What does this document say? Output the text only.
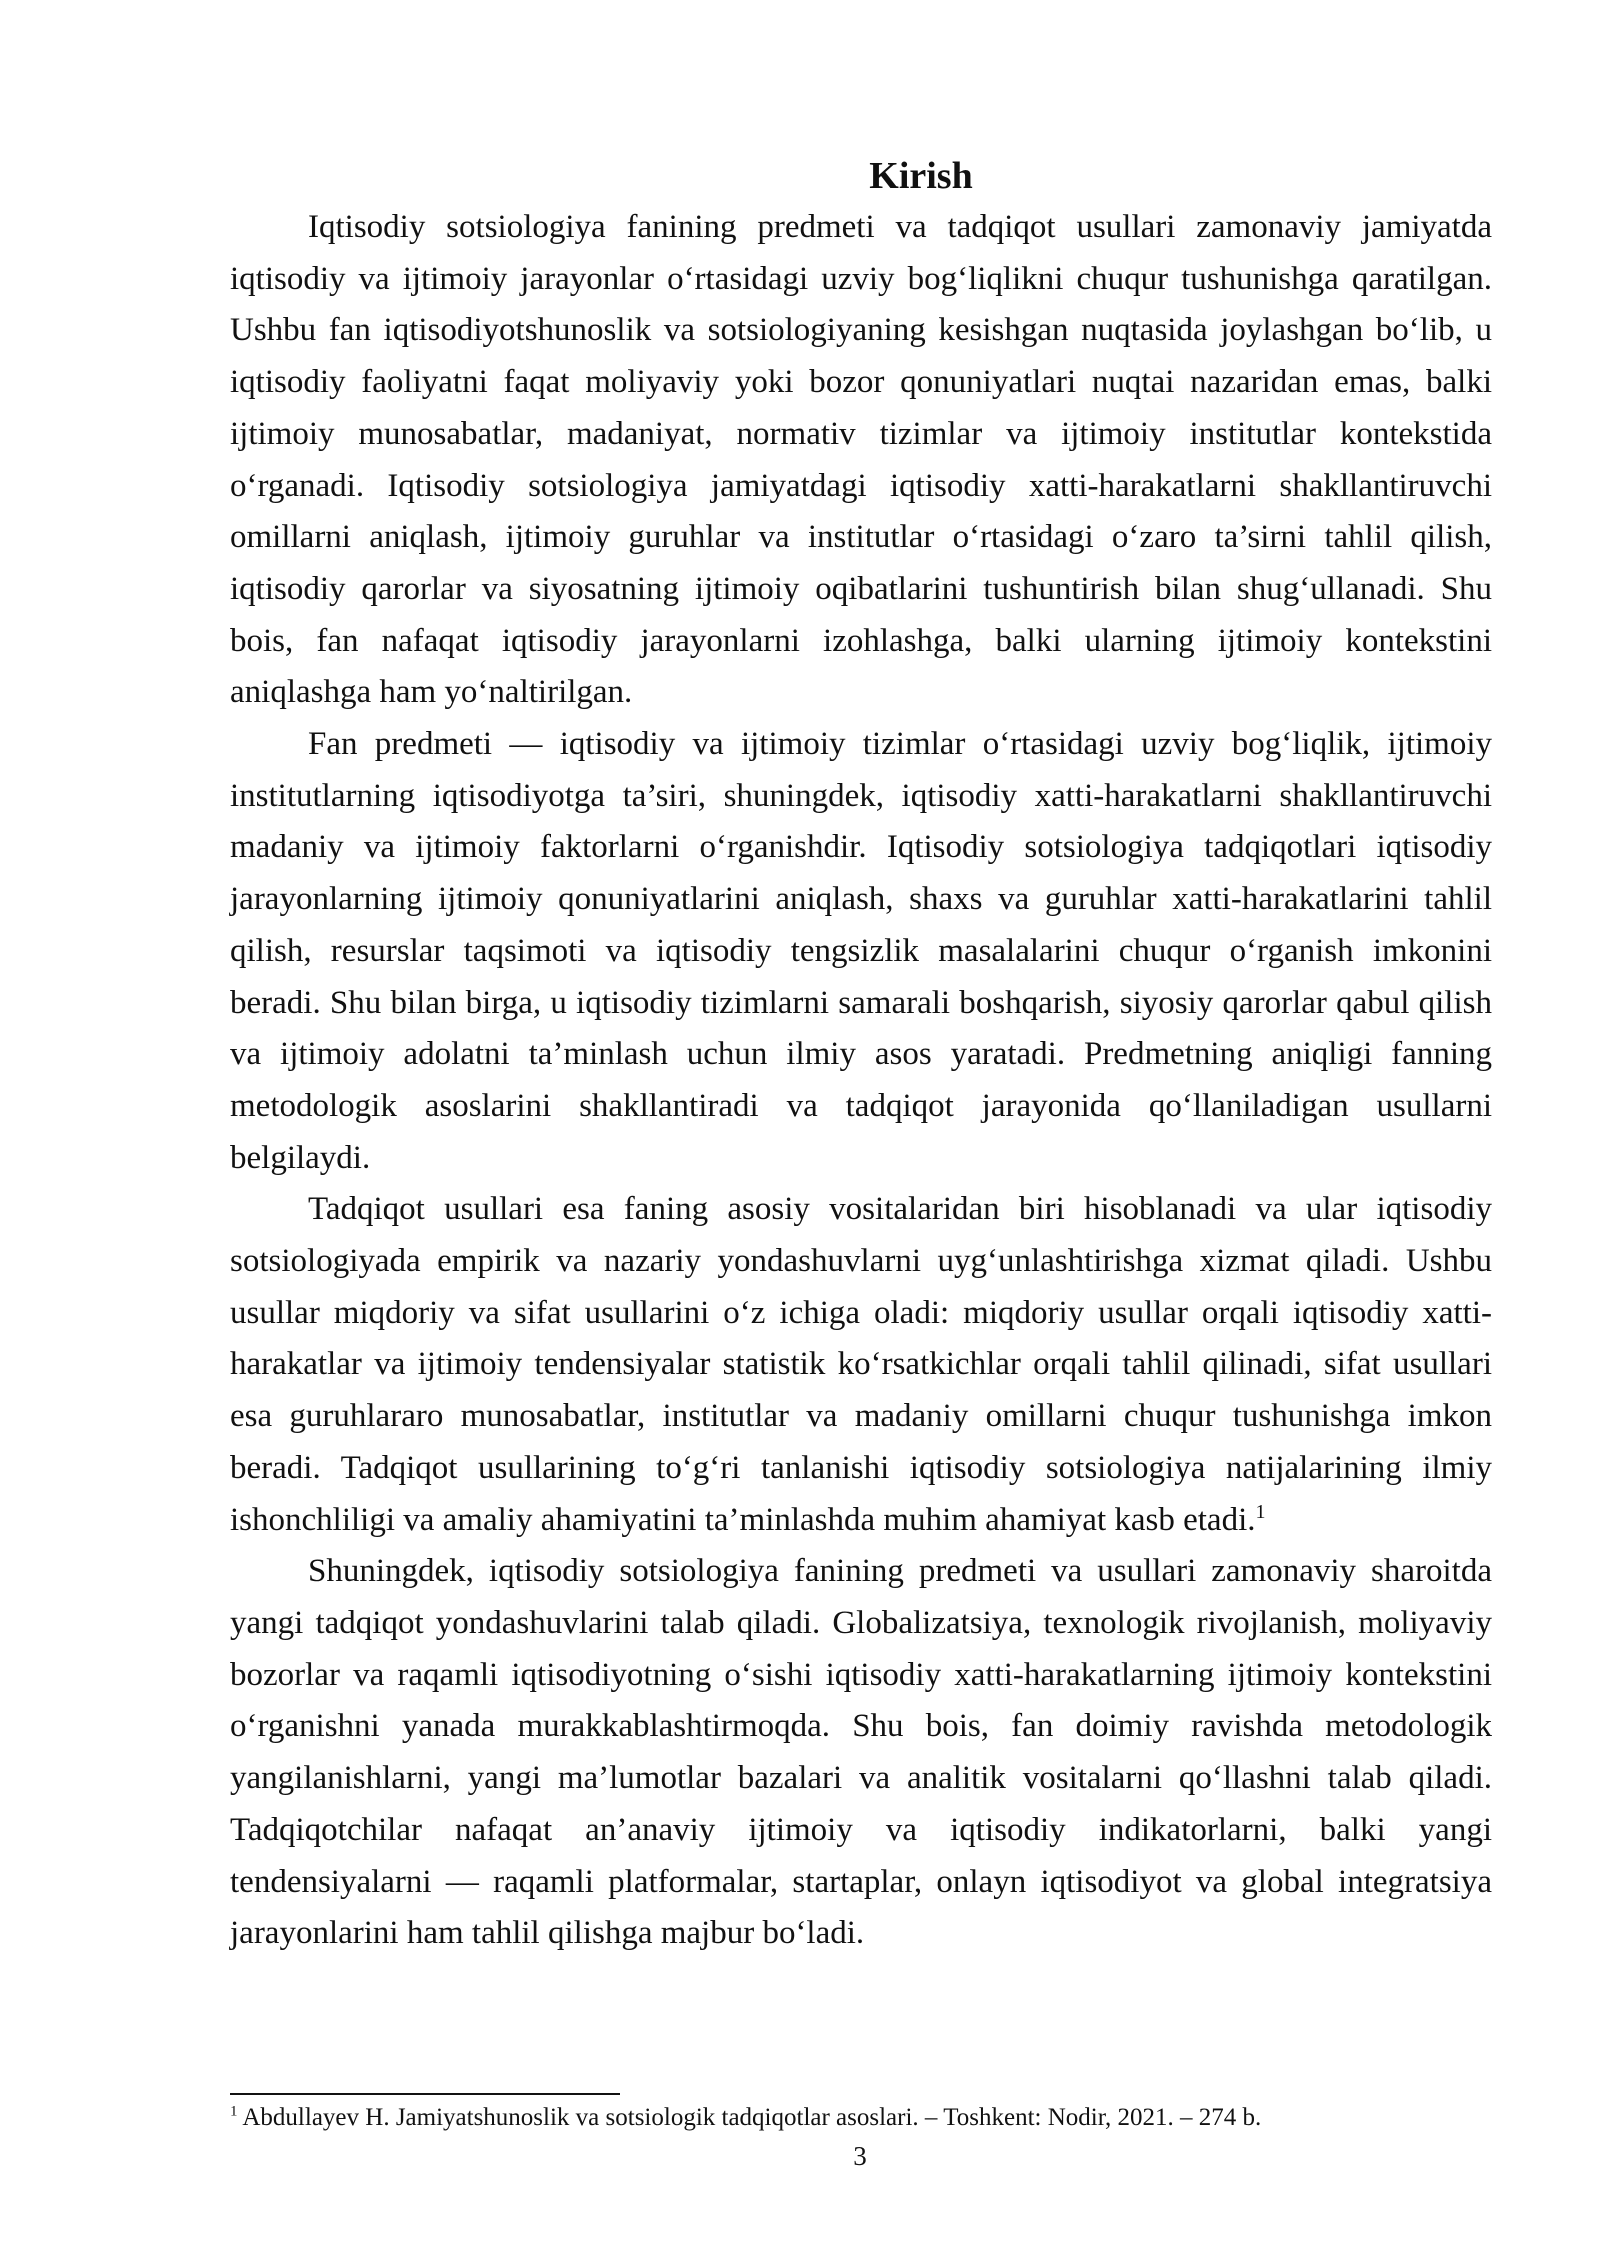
Kirish

Iqtisodiy sotsiologiya fanining predmeti va tadqiqot usullari zamonaviy jamiyatda iqtisodiy va ijtimoiy jarayonlar o‘rtasidagi uzviy bog‘liqlikni chuqur tushunishga qaratilgan. Ushbu fan iqtisodiyotshunoslik va sotsiologiyaning kesishgan nuqtasida joylashgan bo‘lib, u iqtisodiy faoliyatni faqat moliyaviy yoki bozor qonuniyatlari nuqtai nazaridan emas, balki ijtimoiy munosabatlar, madaniyat, normativ tizimlar va ijtimoiy institutlar kontekstida o‘rganadi. Iqtisodiy sotsiologiya jamiyatdagi iqtisodiy xatti-harakatlarni shakllantiruvchi omillarni aniqlash, ijtimoiy guruhlar va institutlar o‘rtasidagi o‘zaro ta’sirni tahlil qilish, iqtisodiy qarorlar va siyosatning ijtimoiy oqibatlarini tushuntirish bilan shug‘ullanadi. Shu bois, fan nafaqat iqtisodiy jarayonlarni izohlashga, balki ularning ijtimoiy kontekstini aniqlashga ham yo‘naltirilgan.

Fan predmeti — iqtisodiy va ijtimoiy tizimlar o‘rtasidagi uzviy bog‘liqlik, ijtimoiy institutlarning iqtisodiyotga ta’siri, shuningdek, iqtisodiy xatti-harakatlarni shakllantiruvchi madaniy va ijtimoiy faktorlarni o‘rganishdir. Iqtisodiy sotsiologiya tadqiqotlari iqtisodiy jarayonlarning ijtimoiy qonuniyatlarini aniqlash, shaxs va guruhlar xatti-harakatlarini tahlil qilish, resurslar taqsimoti va iqtisodiy tengsizlik masalalarini chuqur o‘rganish imkonini beradi. Shu bilan birga, u iqtisodiy tizimlarni samarali boshqarish, siyosiy qarorlar qabul qilish va ijtimoiy adolatni ta’minlash uchun ilmiy asos yaratadi. Predmetning aniqligi fanning metodologik asoslarini shakllantiradi va tadqiqot jarayonida qo‘llaniladigan usullarni belgilaydi.

Tadqiqot usullari esa faning asosiy vositalaridan biri hisoblanadi va ular iqtisodiy sotsiologiyada empirik va nazariy yondashuvlarni uyg‘unlashtirishga xizmat qiladi. Ushbu usullar miqdoriy va sifat usullarini o‘z ichiga oladi: miqdoriy usullar orqali iqtisodiy xatti-harakatlar va ijtimoiy tendensiyalar statistik ko‘rsatkichlar orqali tahlil qilinadi, sifat usullari esa guruhlararo munosabatlar, institutlar va madaniy omillarni chuqur tushunishga imkon beradi. Tadqiqot usullarining to‘g‘ri tanlanishi iqtisodiy sotsiologiya natijalarining ilmiy ishonchliligi va amaliy ahamiyatini ta’minlashda muhim ahamiyat kasb etadi.$^1$

Shuningdek, iqtisodiy sotsiologiya fanining predmeti va usullari zamonaviy sharoitda yangi tadqiqot yondashuvlarini talab qiladi. Globalizatsiya, texnologik rivojlanish, moliyaviy bozorlar va raqamli iqtisodiyotning o‘sishi iqtisodiy xatti-harakatlarning ijtimoiy kontekstini o‘rganishni yanada murakkablashtirmoqda. Shu bois, fan doimiy ravishda metodologik yangilanishlarni, yangi ma’lumotlar bazalari va analitik vositalarni qo‘llashni talab qiladi. Tadqiqotchilar nafaqat an’anaviy ijtimoiy va iqtisodiy indikatorlarni, balki yangi tendensiyalarni — raqamli platformalar, startaplar, onlayn iqtisodiyot va global integratsiya jarayonlarini ham tahlil qilishga majbur bo‘ladi.

$^1$ Abdullayev H. Jamiyatshunoslik va sotsiologik tadqiqotlar asoslari. – Toshkent: Nodir, 2021. – 274 b.

3
